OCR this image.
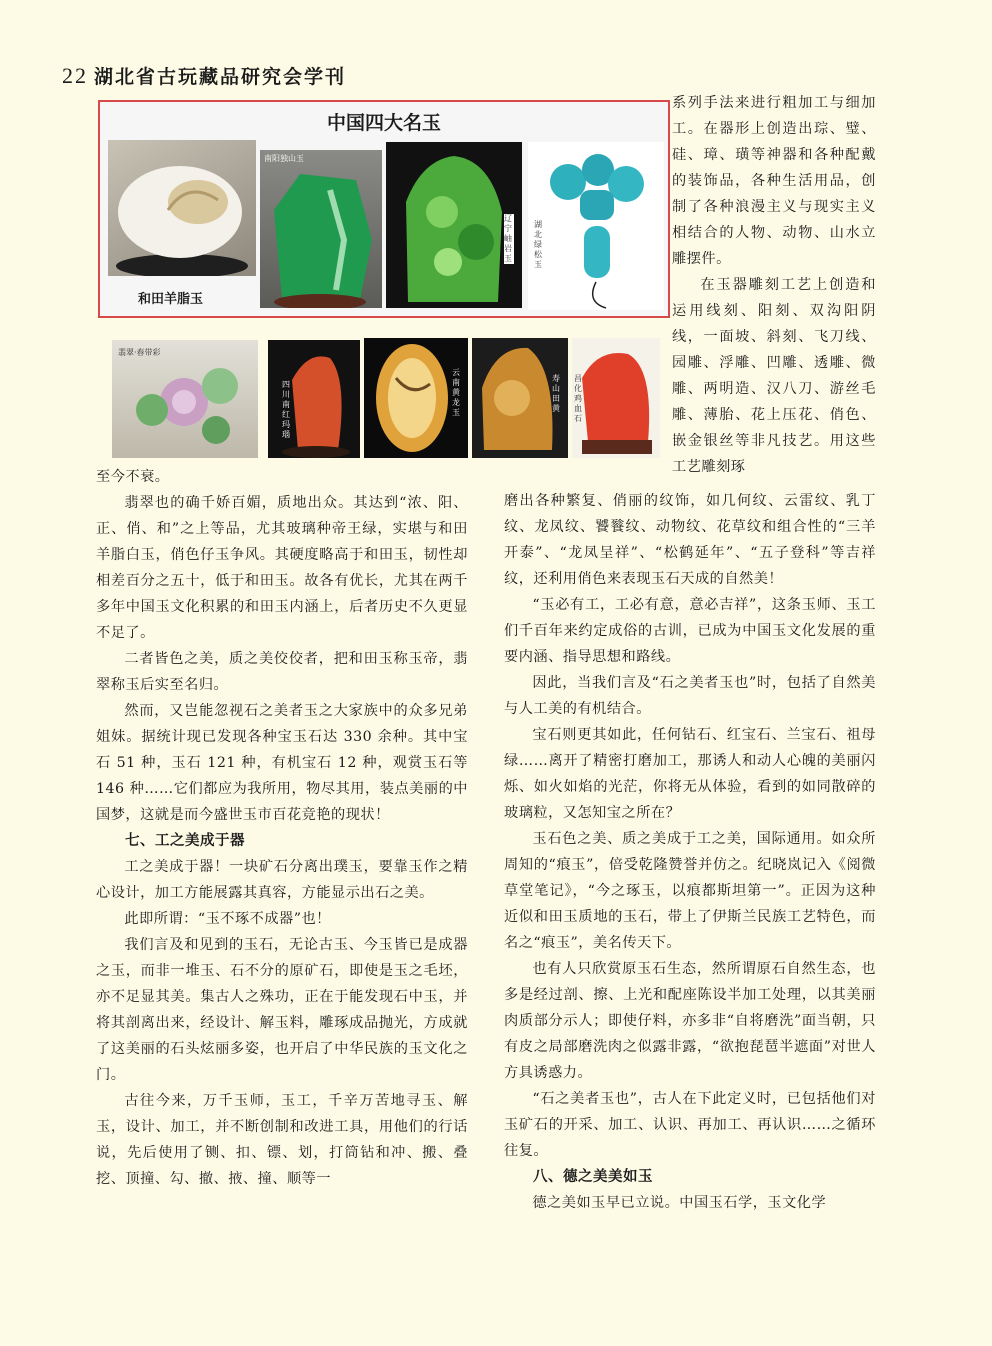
22 湖北省古玩藏品研究会学刊
中国四大名玉
和田羊脂玉
南阳独山玉
辽宁岫岩玉
湖北绿松玉
翡翠·春带彩
四川南红玛瑙
云南黄龙玉
寿山田黄
昌化鸡血石

系列手法来进行粗加工与细加工。在器形上创造出琮、璧、硅、璋、璜等神器和各种配戴的装饰品，各种生活用品，创制了各种浪漫主义与现实主义相结合的人物、动物、山水立雕摆件。

在玉器雕刻工艺上创造和运用线刻、阳刻、双沟阳阴线，一面坡、斜刻、飞刀线、园雕、浮雕、凹雕、透雕、微雕、两明造、汉八刀、游丝毛雕、薄胎、花上压花、俏色、嵌金银丝等非凡技艺。用这些工艺雕刻琢

至今不衰。

翡翠也的确千娇百媚，质地出众。其达到“浓、阳、正、俏、和”之上等品，尤其玻璃种帝王绿，实堪与和田羊脂白玉，俏色仔玉争风。其硬度略高于和田玉，韧性却相差百分之五十，低于和田玉。故各有优长，尤其在两千多年中国玉文化积累的和田玉内涵上，后者历史不久更显不足了。

二者皆色之美，质之美佼佼者，把和田玉称玉帝，翡翠称玉后实至名归。

然而，又岂能忽视石之美者玉之大家族中的众多兄弟姐妹。据统计现已发现各种宝玉石达 330 余种。其中宝石 51 种，玉石 121 种，有机宝石 12 种，观赏玉石等 146 种……它们都应为我所用，物尽其用，装点美丽的中国梦，这就是而今盛世玉市百花竞艳的现状！

七、工之美成于器

工之美成于器！一块矿石分离出璞玉，要靠玉作之精心设计，加工方能展露其真容，方能显示出石之美。

此即所谓：“玉不琢不成器”也！

我们言及和见到的玉石，无论古玉、今玉皆已是成器之玉，而非一堆玉、石不分的原矿石，即使是玉之毛坯，亦不足显其美。集古人之殊功，正在于能发现石中玉，并将其剖离出来，经设计、解玉料，雕琢成品抛光，方成就了这美丽的石头炫丽多姿，也开启了中华民族的玉文化之门。

古往今来，万千玉师，玉工，千辛万苦地寻玉、解玉，设计、加工，并不断创制和改进工具，用他们的行话说，先后使用了铡、扣、镖、划，打筒钻和冲、搬、叠挖、顶撞、勾、撤、掖、撞、顺等一

磨出各种繁复、俏丽的纹饰，如几何纹、云雷纹、乳丁纹、龙凤纹、饕餮纹、动物纹、花草纹和组合性的“三羊开泰”、“龙凤呈祥”、“松鹤延年”、“五子登科”等吉祥纹，还利用俏色来表现玉石天成的自然美！

“玉必有工，工必有意，意必吉祥”，这条玉师、玉工们千百年来约定成俗的古训，已成为中国玉文化发展的重要内涵、指导思想和路线。

因此，当我们言及“石之美者玉也”时，包括了自然美与人工美的有机结合。

宝石则更其如此，任何钻石、红宝石、兰宝石、祖母绿……离开了精密打磨加工，那诱人和动人心魄的美丽闪烁、如火如焰的光茫，你将无从体验，看到的如同散碎的玻璃粒，又怎知宝之所在？

玉石色之美、质之美成于工之美，国际通用。如众所周知的“痕玉”，倍受乾隆赞誉并仿之。纪晓岚记入《阅微草堂笔记》，“今之琢玉，以痕都斯坦第一”。正因为这种近似和田玉质地的玉石，带上了伊斯兰民族工艺特色，而名之“痕玉”，美名传天下。

也有人只欣赏原玉石生态，然所谓原石自然生态，也多是经过剖、擦、上光和配座陈设半加工处理，以其美丽肉质部分示人；即使仔料，亦多非“自将磨洗”面当朝，只有皮之局部磨洗肉之似露非露，“欲抱琵琶半遮面”对世人方具诱惑力。

“石之美者玉也”，古人在下此定义时，已包括他们对玉矿石的开采、加工、认识、再加工、再认识……之循环往复。

八、德之美美如玉

德之美如玉早已立说。中国玉石学，玉文化学
